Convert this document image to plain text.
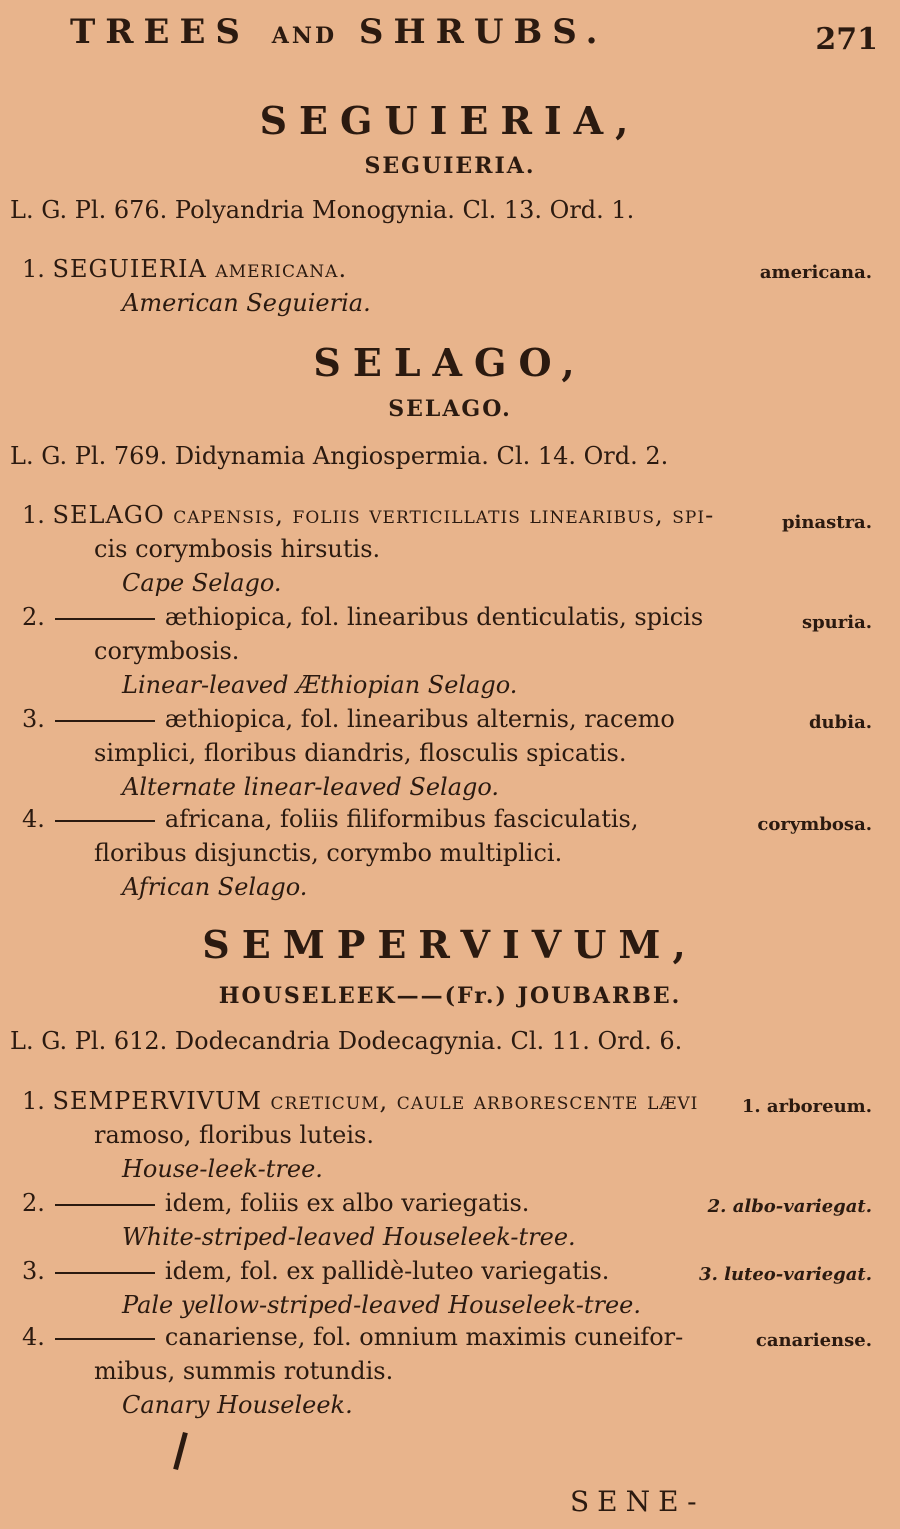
TREES AND SHRUBS.	271
SEGUIERIA,
SEGUIERIA.
L. G. Pl. 676. Polyandria Monogynia. Cl. 13. Ord. 1.
1. SEGUIERIA americana.
American Seguieria.
americana.
SELAGO,
SELAGO.
L. G. Pl. 769. Didynamia Angiospermia. Cl. 14. Ord. 2.
1. SELAGO capensis, foliis verticillatis linearibus, spi-
cis corymbosis hirsutis.
Cape Selago.
pinastra.
2.	æthiopica, fol. linearibus denticulatis, spicis
corymbosis.
Linear-leaved Æthiopian Selago.
spuria.
3.	æthiopica, fol. linearibus alternis, racemo
simplici, floribus diandris, flosculis spicatis.
Alternate linear-leaved Selago.
dubia.
4.	africana, foliis filiformibus fasciculatis,
floribus disjunctis, corymbo multiplici.
African Selago.
corymbosa.
SEMPERVIVUM,
HOUSELEEK——(Fr.) JOUBARBE.
L. G. Pl. 612. Dodecandria Dodecagynia. Cl. 11. Ord. 6.
1. SEMPERVIVUM creticum, caule arborescente lævi
ramoso, floribus luteis.
House-leek-tree.
1. arboreum.
2.	idem, foliis ex albo variegatis.
White-striped-leaved Houseleek-tree.
2. albo-variegat.
3.	idem, fol. ex pallidè-luteo variegatis.
Pale yellow-striped-leaved Houseleek-tree.
3. luteo-variegat.
4.	canariense, fol. omnium maximis cuneifor-
mibus, summis rotundis.
Canary Houseleek.
canariense.
SENE-
